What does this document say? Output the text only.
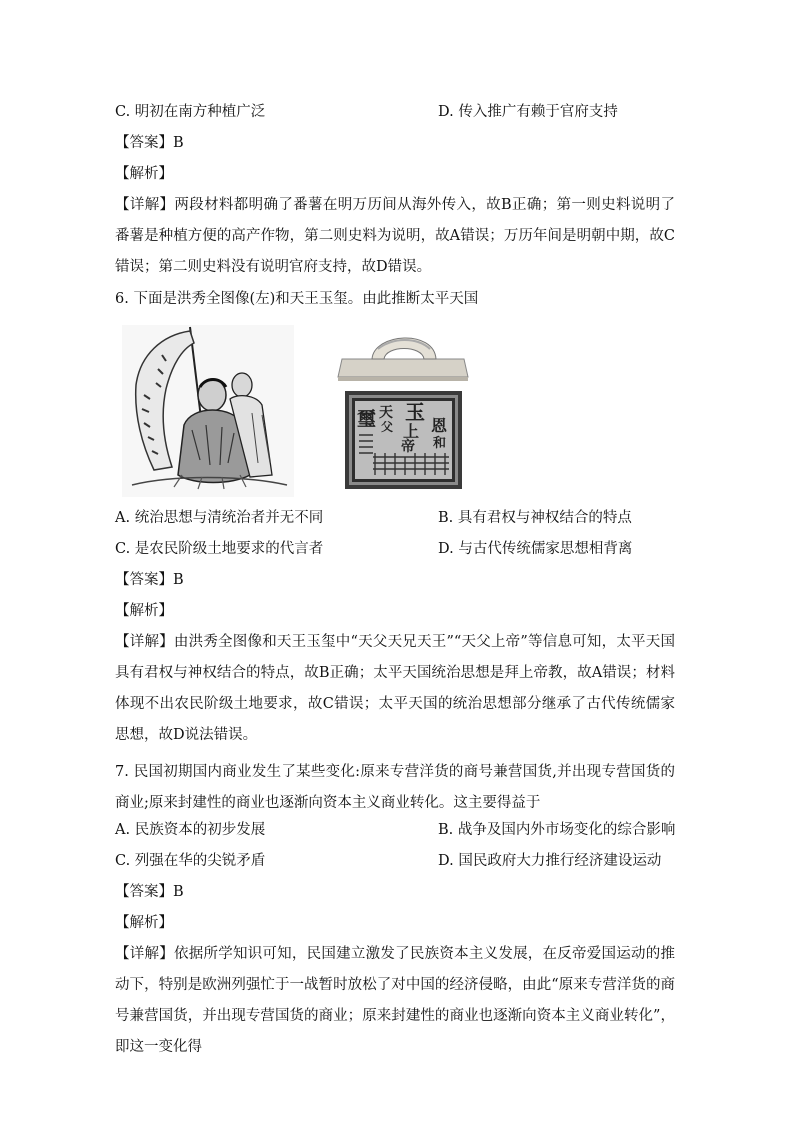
C. 明初在南方种植广泛	D. 传入推广有赖于官府支持
【答案】B
【解析】
【详解】两段材料都明确了番薯在明万历间从海外传入，故B正确；第一则史料说明了番薯是种植方便的高产作物，第二则史料为说明，故A错误；万历年间是明朝中期，故C错误；第二则史料没有说明官府支持，故D错误。
6. 下面是洪秀全图像(左)和天王玉玺。由此推断太平天国
玉
璽 天
父 上
帝
恩
和
A. 统治思想与清统治者并无不同	B. 具有君权与神权结合的特点
C. 是农民阶级土地要求的代言者	D. 与古代传统儒家思想相背离
【答案】B
【解析】
【详解】由洪秀全图像和天王玉玺中“天父天兄天王”“天父上帝”等信息可知，太平天国具有君权与神权结合的特点，故B正确；太平天国统治思想是拜上帝教，故A错误；材料体现不出农民阶级土地要求，故C错误；太平天国的统治思想部分继承了古代传统儒家思想，故D说法错误。
7. 民国初期国内商业发生了某些变化:原来专营洋货的商号兼营国货,并出现专营国货的商业;原来封建性的商业也逐渐向资本主义商业转化。这主要得益于
A. 民族资本的初步发展	B. 战争及国内外市场变化的综合影响
C. 列强在华的尖锐矛盾	D. 国民政府大力推行经济建设运动
【答案】B
【解析】
【详解】依据所学知识可知，民国建立激发了民族资本主义发展，在反帝爱国运动的推动下，特别是欧洲列强忙于一战暂时放松了对中国的经济侵略，由此“原来专营洋货的商号兼营国货，并出现专营国货的商业；原来封建性的商业也逐渐向资本主义商业转化”，即这一变化得
